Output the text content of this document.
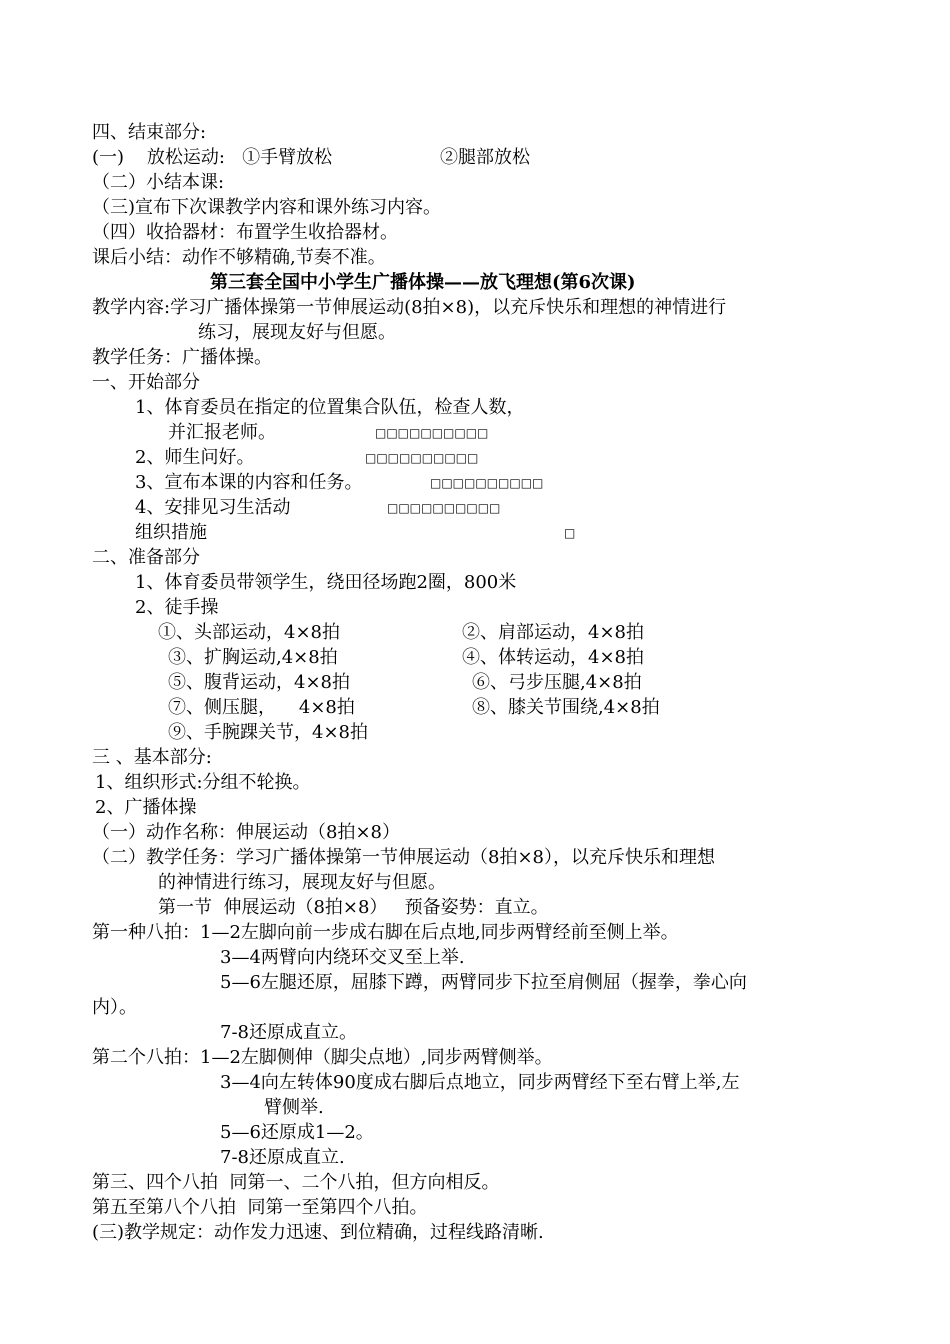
四、结束部分:
(一)    放松运动:   ①手臂放松	②腿部放松
（二）小结本课:
（三)宣布下次课教学内容和课外练习内容。
（四）收拾器材：布置学生收拾器材。
课后小结：动作不够精确,节奏不准。
第三套全国中小学生广播体操——放飞理想(第6次课)
教学内容:学习广播体操第一节伸展运动(8拍×8)，以充斥快乐和理想的神情进行
练习，展现友好与但愿。
教学任务：广播体操。
一、开始部分
1、体育委员在指定的位置集合队伍，检查人数，
并汇报老师。	□□□□□□□□□□
2、师生问好。	□□□□□□□□□□
3、宣布本课的内容和任务。	□□□□□□□□□□
4、安排见习生活动	□□□□□□□□□□
组织措施	□
二、准备部分
1、体育委员带领学生，绕田径场跑2圈，800米
2、徒手操
①、头部运动，4×8拍	②、肩部运动，4×8拍
③、扩胸运动,4×8拍	④、体转运动，4×8拍
⑤、腹背运动，4×8拍	⑥、弓步压腿,4×8拍
⑦、侧压腿，    4×8拍	⑧、膝关节围绕,4×8拍
⑨、手腕踝关节，4×8拍
三 、基本部分:
1、组织形式:分组不轮换。
2、广播体操
（一）动作名称：伸展运动（8拍×8）
（二）教学任务：学习广播体操第一节伸展运动（8拍×8），以充斥快乐和理想
的神情进行练习，展现友好与但愿。
第一节  伸展运动（8拍×8）   预备姿势：直立。
第一种八拍：1—2左脚向前一步成右脚在后点地,同步两臂经前至侧上举。
3—4两臂向内绕环交叉至上举.
5—6左腿还原，屈膝下蹲，两臂同步下拉至肩侧屈（握拳，拳心向
内）。
7-8还原成直立。
第二个八拍：1—2左脚侧伸（脚尖点地）,同步两臂侧举。
3—4向左转体90度成右脚后点地立，同步两臂经下至右臂上举,左
臂侧举.
5—6还原成1—2。
7-8还原成直立.
第三、四个八拍  同第一、二个八拍，但方向相反。
第五至第八个八拍  同第一至第四个八拍。
(三)教学规定：动作发力迅速、到位精确，过程线路清晰.
